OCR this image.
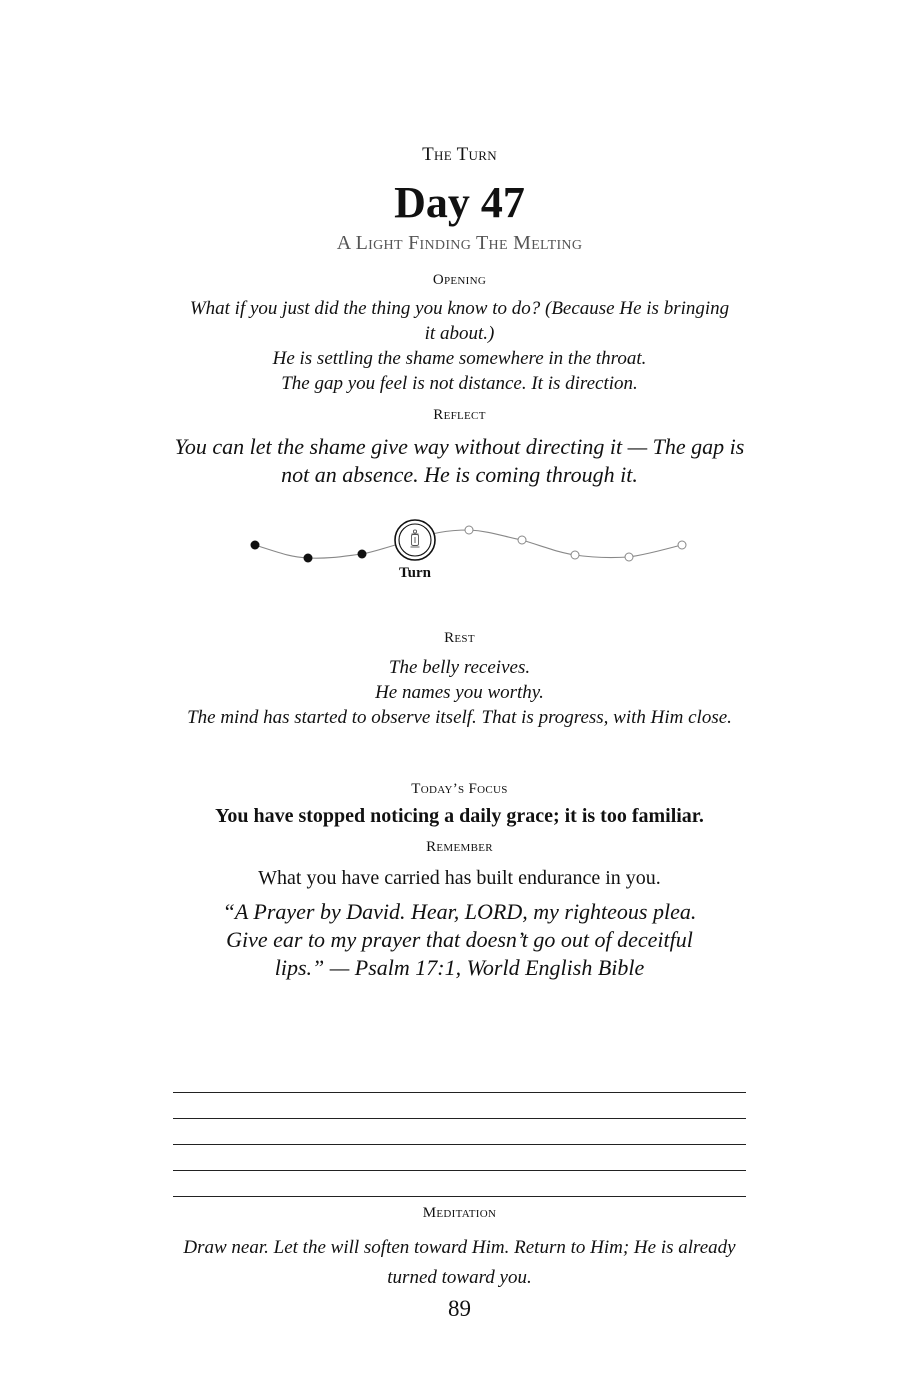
The Turn
Day 47
A Light Finding The Melting
Opening
What if you just did the thing you know to do? (Because He is bringing it about.)
He is settling the shame somewhere in the throat.
The gap you feel is not distance. It is direction.
Reflect
You can let the shame give way without directing it — The gap is not an absence. He is coming through it.
Turn
Rest
The belly receives.
He names you worthy.
The mind has started to observe itself. That is progress, with Him close.
Today’s Focus
You have stopped noticing a daily grace; it is too familiar.
Remember
What you have carried has built endurance in you.
“A Prayer by David. Hear, LORD, my righteous plea. Give ear to my prayer that doesn’t go out of deceitful lips.” — Psalm 17:1, World English Bible
Meditation
Draw near. Let the will soften toward Him. Return to Him; He is already turned toward you.
89
